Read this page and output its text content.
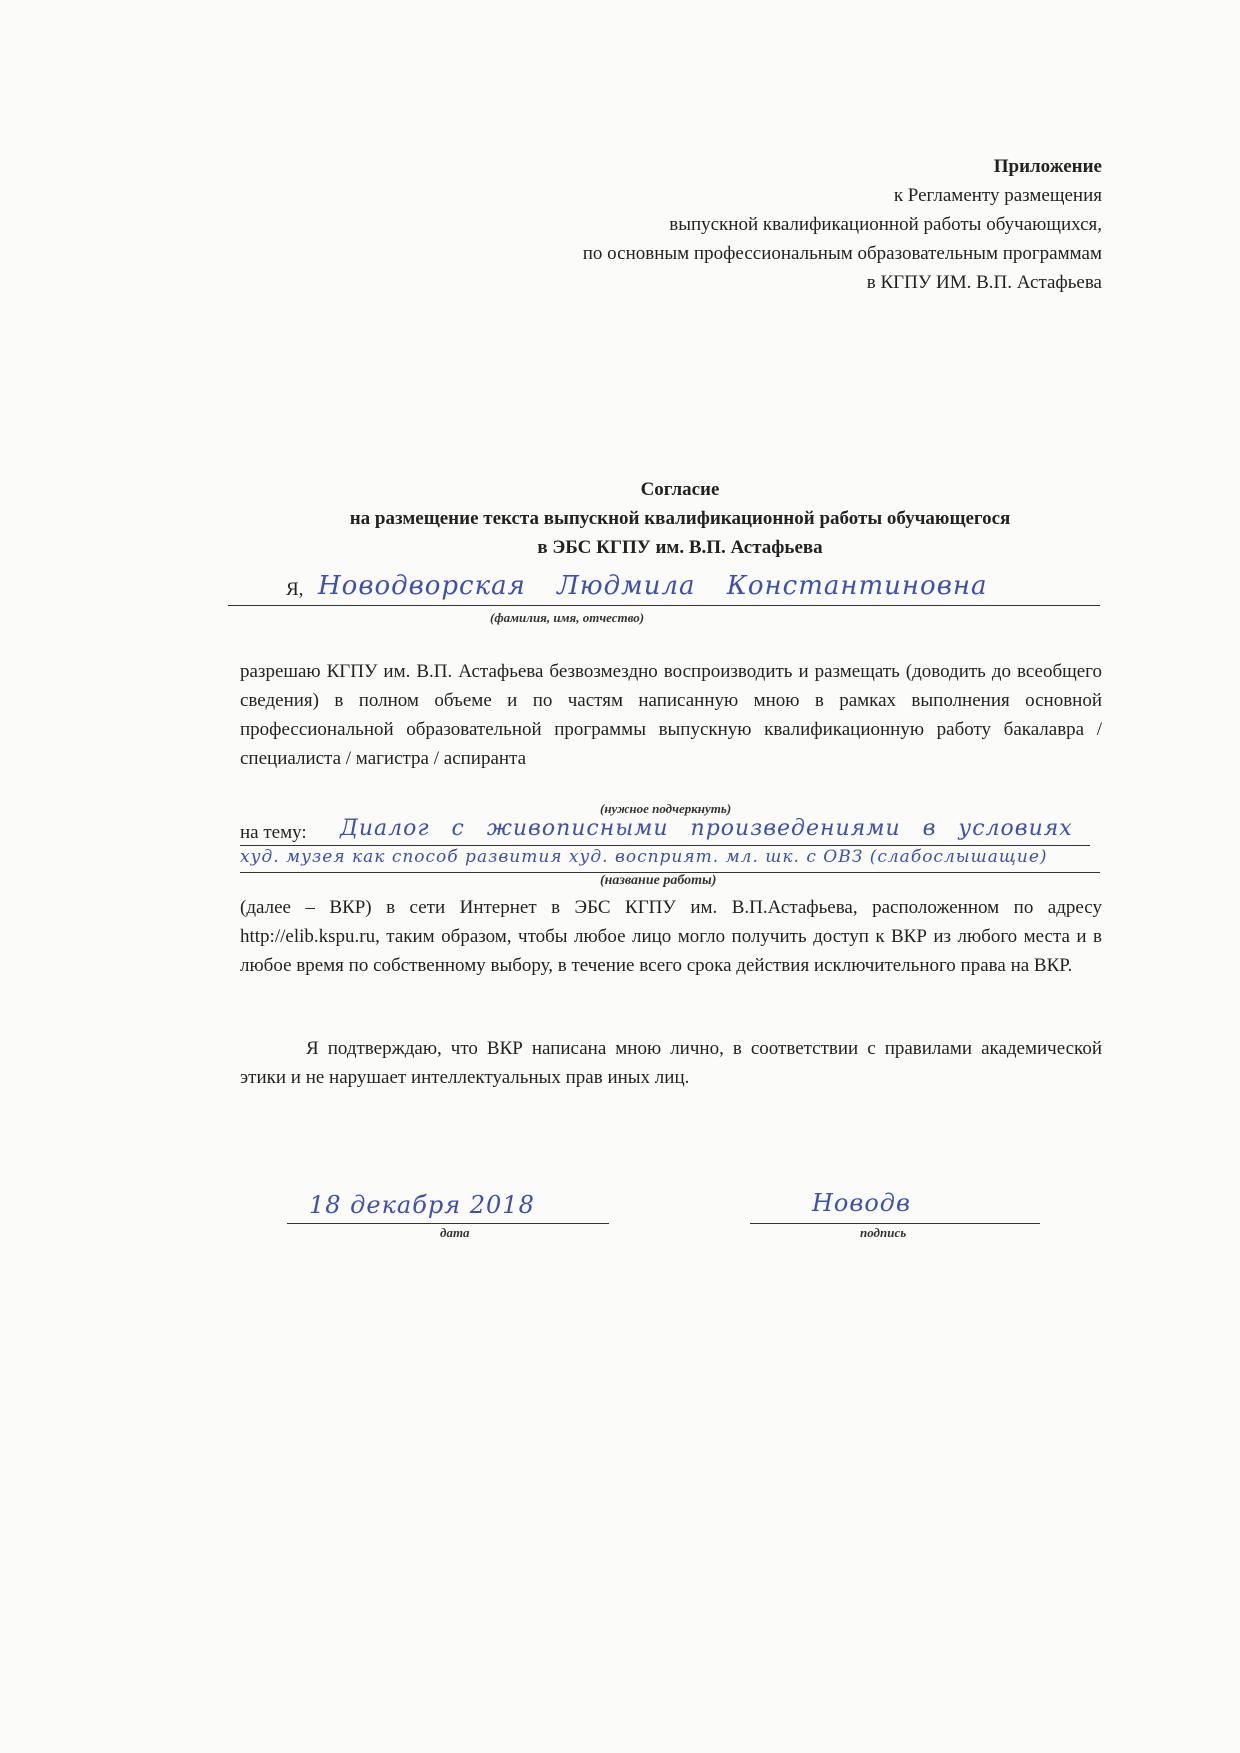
Приложение
к Регламенту размещения
выпускной квалификационной работы обучающихся,
по основным профессиональным образовательным программам
в КГПУ ИМ. В.П. Астафьева
Согласие
на размещение текста выпускной квалификационной работы обучающегося
в ЭБС КГПУ им. В.П. Астафьева
Я, Новодворская Людмила Константиновна
(фамилия, имя, отчество)
разрешаю КГПУ им. В.П. Астафьева безвозмездно воспроизводить и размещать (доводить до всеобщего сведения) в полном объеме и по частям написанную мною в рамках выполнения основной профессиональной образовательной программы выпускную квалификационную работу бакалавра / специалиста / магистра / аспиранта
(нужное подчеркнуть)
на тему: Диалог с живописными произведениями в условиях
худ. музея как способ развития худ. восприят. мл. шк. с ОВЗ (слабослышащие)
(название работы)
(далее – ВКР) в сети Интернет в ЭБС КГПУ им. В.П.Астафьева, расположенном по адресу http://elib.kspu.ru, таким образом, чтобы любое лицо могло получить доступ к ВКР из любого места и в любое время по собственному выбору, в течение всего срока действия исключительного права на ВКР.
Я подтверждаю, что ВКР написана мною лично, в соответствии с правилами академической этики и не нарушает интеллектуальных прав иных лиц.
18 декабря 2018
дата
Новодв
подпись
